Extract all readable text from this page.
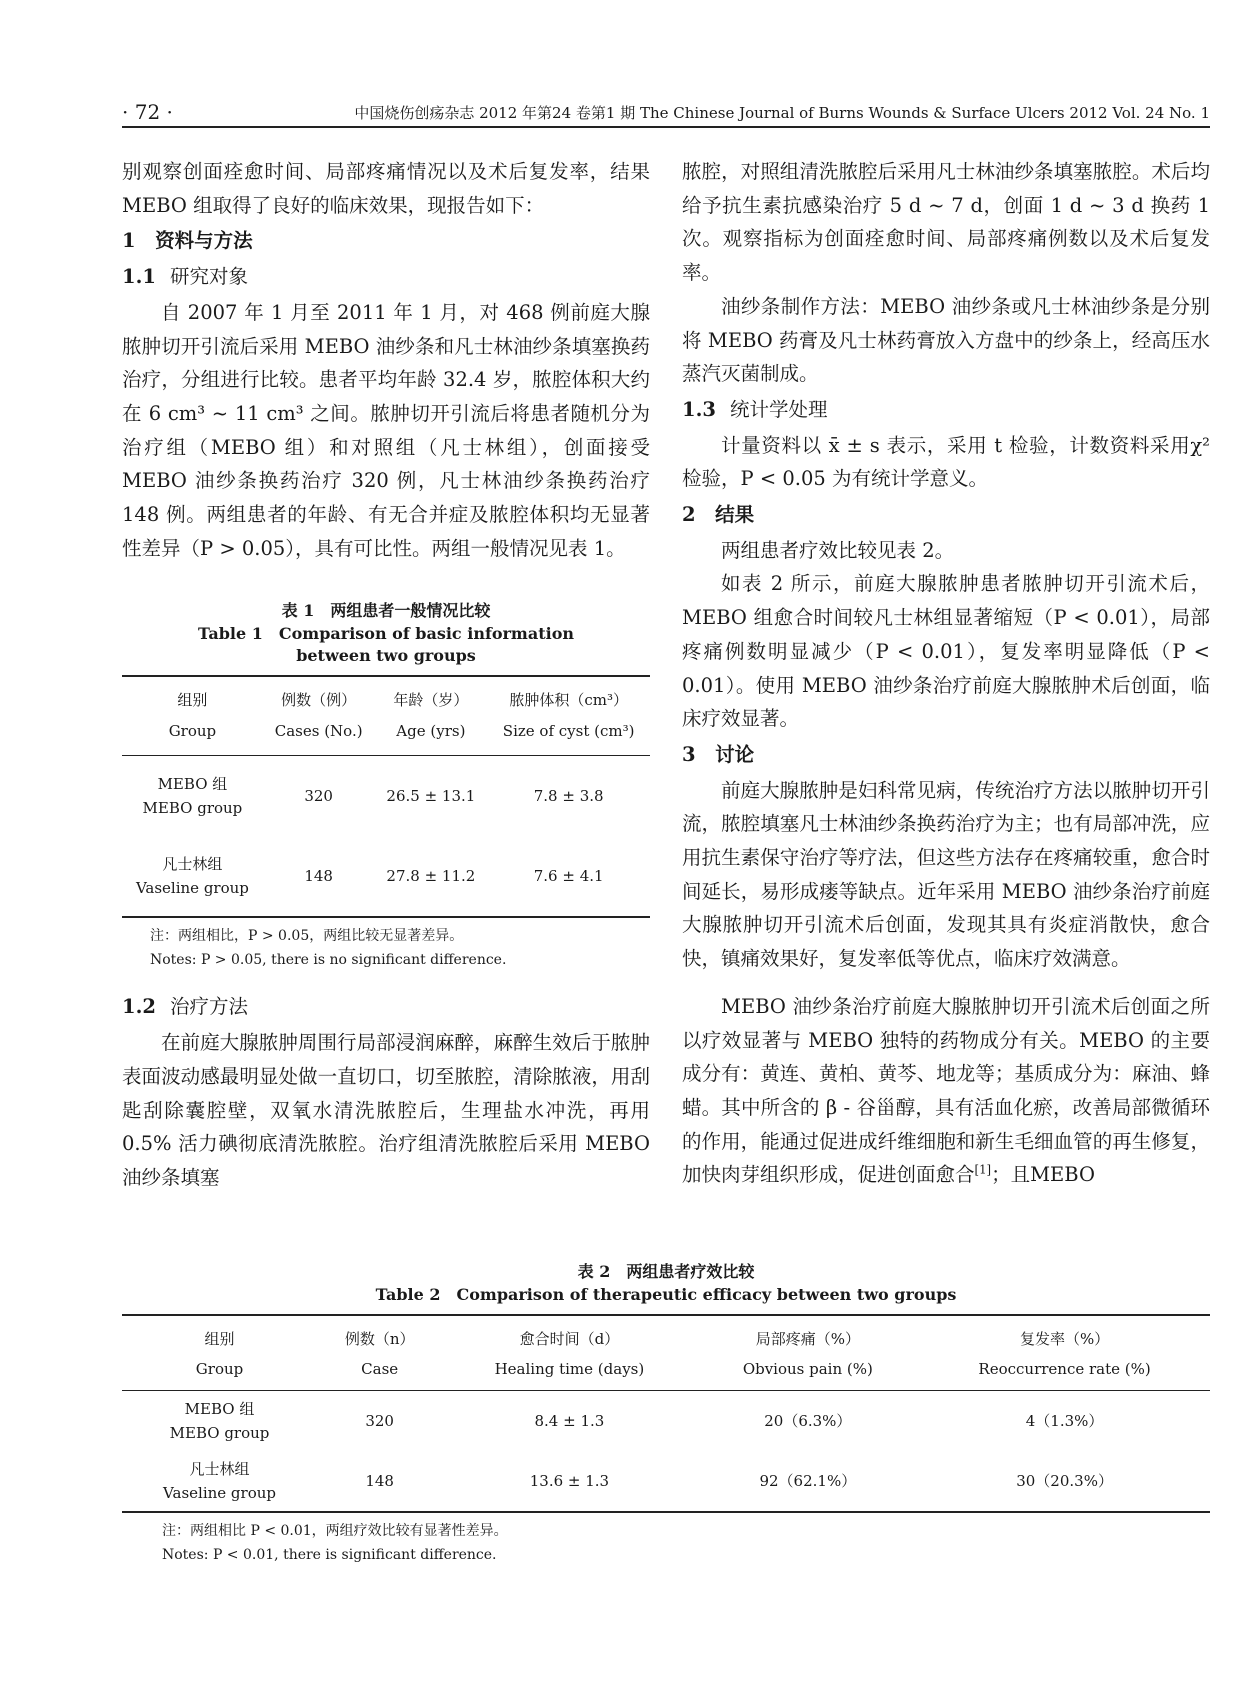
· 72 ·	中国烧伤创疡杂志 2012 年第24 卷第1 期 The Chinese Journal of Burns Wounds & Surface Ulcers 2012 Vol. 24 No. 1

别观察创面痊愈时间、局部疼痛情况以及术后复发率，结果 MEBO 组取得了良好的临床效果，现报告如下：

1　资料与方法

1.1 研究对象

自 2007 年 1 月至 2011 年 1 月，对 468 例前庭大腺脓肿切开引流后采用 MEBO 油纱条和凡士林油纱条填塞换药治疗，分组进行比较。患者平均年龄 32.4 岁，脓腔体积大约在 6 cm³ ~ 11 cm³ 之间。脓肿切开引流后将患者随机分为治疗组（MEBO 组）和对照组（凡士林组），创面接受 MEBO 油纱条换药治疗 320 例，凡士林油纱条换药治疗 148 例。两组患者的年龄、有无合并症及脓腔体积均无显著性差异（P > 0.05），具有可比性。两组一般情况见表 1。

表 1　两组患者一般情况比较
Table 1　Comparison of basic information
between two groups
组别	例数（例）	年龄（岁）	脓肿体积（cm³）
Group	Cases (No.)	Age (yrs)	Size of cyst (cm³)

MEBO 组
MEBO group	320	26.5 ± 13.1	7.8 ± 3.8

凡士林组
Vaseline group	148	27.8 ± 11.2	7.6 ± 4.1
注：两组相比，P > 0.05，两组比较无显著差异。
Notes: P > 0.05, there is no significant difference.

1.2 治疗方法

在前庭大腺脓肿周围行局部浸润麻醉，麻醉生效后于脓肿表面波动感最明显处做一直切口，切至脓腔，清除脓液，用刮匙刮除囊腔壁，双氧水清洗脓腔后，生理盐水冲洗，再用 0.5% 活力碘彻底清洗脓腔。治疗组清洗脓腔后采用 MEBO 油纱条填塞

脓腔，对照组清洗脓腔后采用凡士林油纱条填塞脓腔。术后均给予抗生素抗感染治疗 5 d ~ 7 d，创面 1 d ~ 3 d 换药 1 次。观察指标为创面痊愈时间、局部疼痛例数以及术后复发率。

油纱条制作方法：MEBO 油纱条或凡士林油纱条是分别将 MEBO 药膏及凡士林药膏放入方盘中的纱条上，经高压水蒸汽灭菌制成。

1.3 统计学处理

计量资料以 x̄ ± s 表示，采用 t 检验，计数资料采用χ² 检验，P < 0.05 为有统计学意义。

2　结果

两组患者疗效比较见表 2。

如表 2 所示，前庭大腺脓肿患者脓肿切开引流术后，MEBO 组愈合时间较凡士林组显著缩短（P < 0.01），局部疼痛例数明显减少（P < 0.01），复发率明显降低（P < 0.01）。使用 MEBO 油纱条治疗前庭大腺脓肿术后创面，临床疗效显著。

3　讨论

前庭大腺脓肿是妇科常见病，传统治疗方法以脓肿切开引流，脓腔填塞凡士林油纱条换药治疗为主；也有局部冲洗，应用抗生素保守治疗等疗法，但这些方法存在疼痛较重，愈合时间延长，易形成瘘等缺点。近年采用 MEBO 油纱条治疗前庭大腺脓肿切开引流术后创面，发现其具有炎症消散快，愈合快，镇痛效果好，复发率低等优点，临床疗效满意。

MEBO 油纱条治疗前庭大腺脓肿切开引流术后创面之所以疗效显著与 MEBO 独特的药物成分有关。MEBO 的主要成分有：黄连、黄柏、黄芩、地龙等；基质成分为：麻油、蜂蜡。其中所含的 β - 谷甾醇，具有活血化瘀，改善局部微循环的作用，能通过促进成纤维细胞和新生毛细血管的再生修复，加快肉芽组织形成，促进创面愈合[1]；且MEBO

表 2　两组患者疗效比较
Table 2　Comparison of therapeutic efficacy between two groups
组别	例数（n）	愈合时间（d）	局部疼痛（%）	复发率（%）
Group	Case	Healing time (days)	Obvious pain (%)	Reoccurrence rate (%)

MEBO 组
MEBO group	320	8.4 ± 1.3	20（6.3%）	4（1.3%）

凡士林组
Vaseline group	148	13.6 ± 1.3	92（62.1%）	30（20.3%）
注：两组相比 P < 0.01，两组疗效比较有显著性差异。
Notes: P < 0.01, there is significant difference.
